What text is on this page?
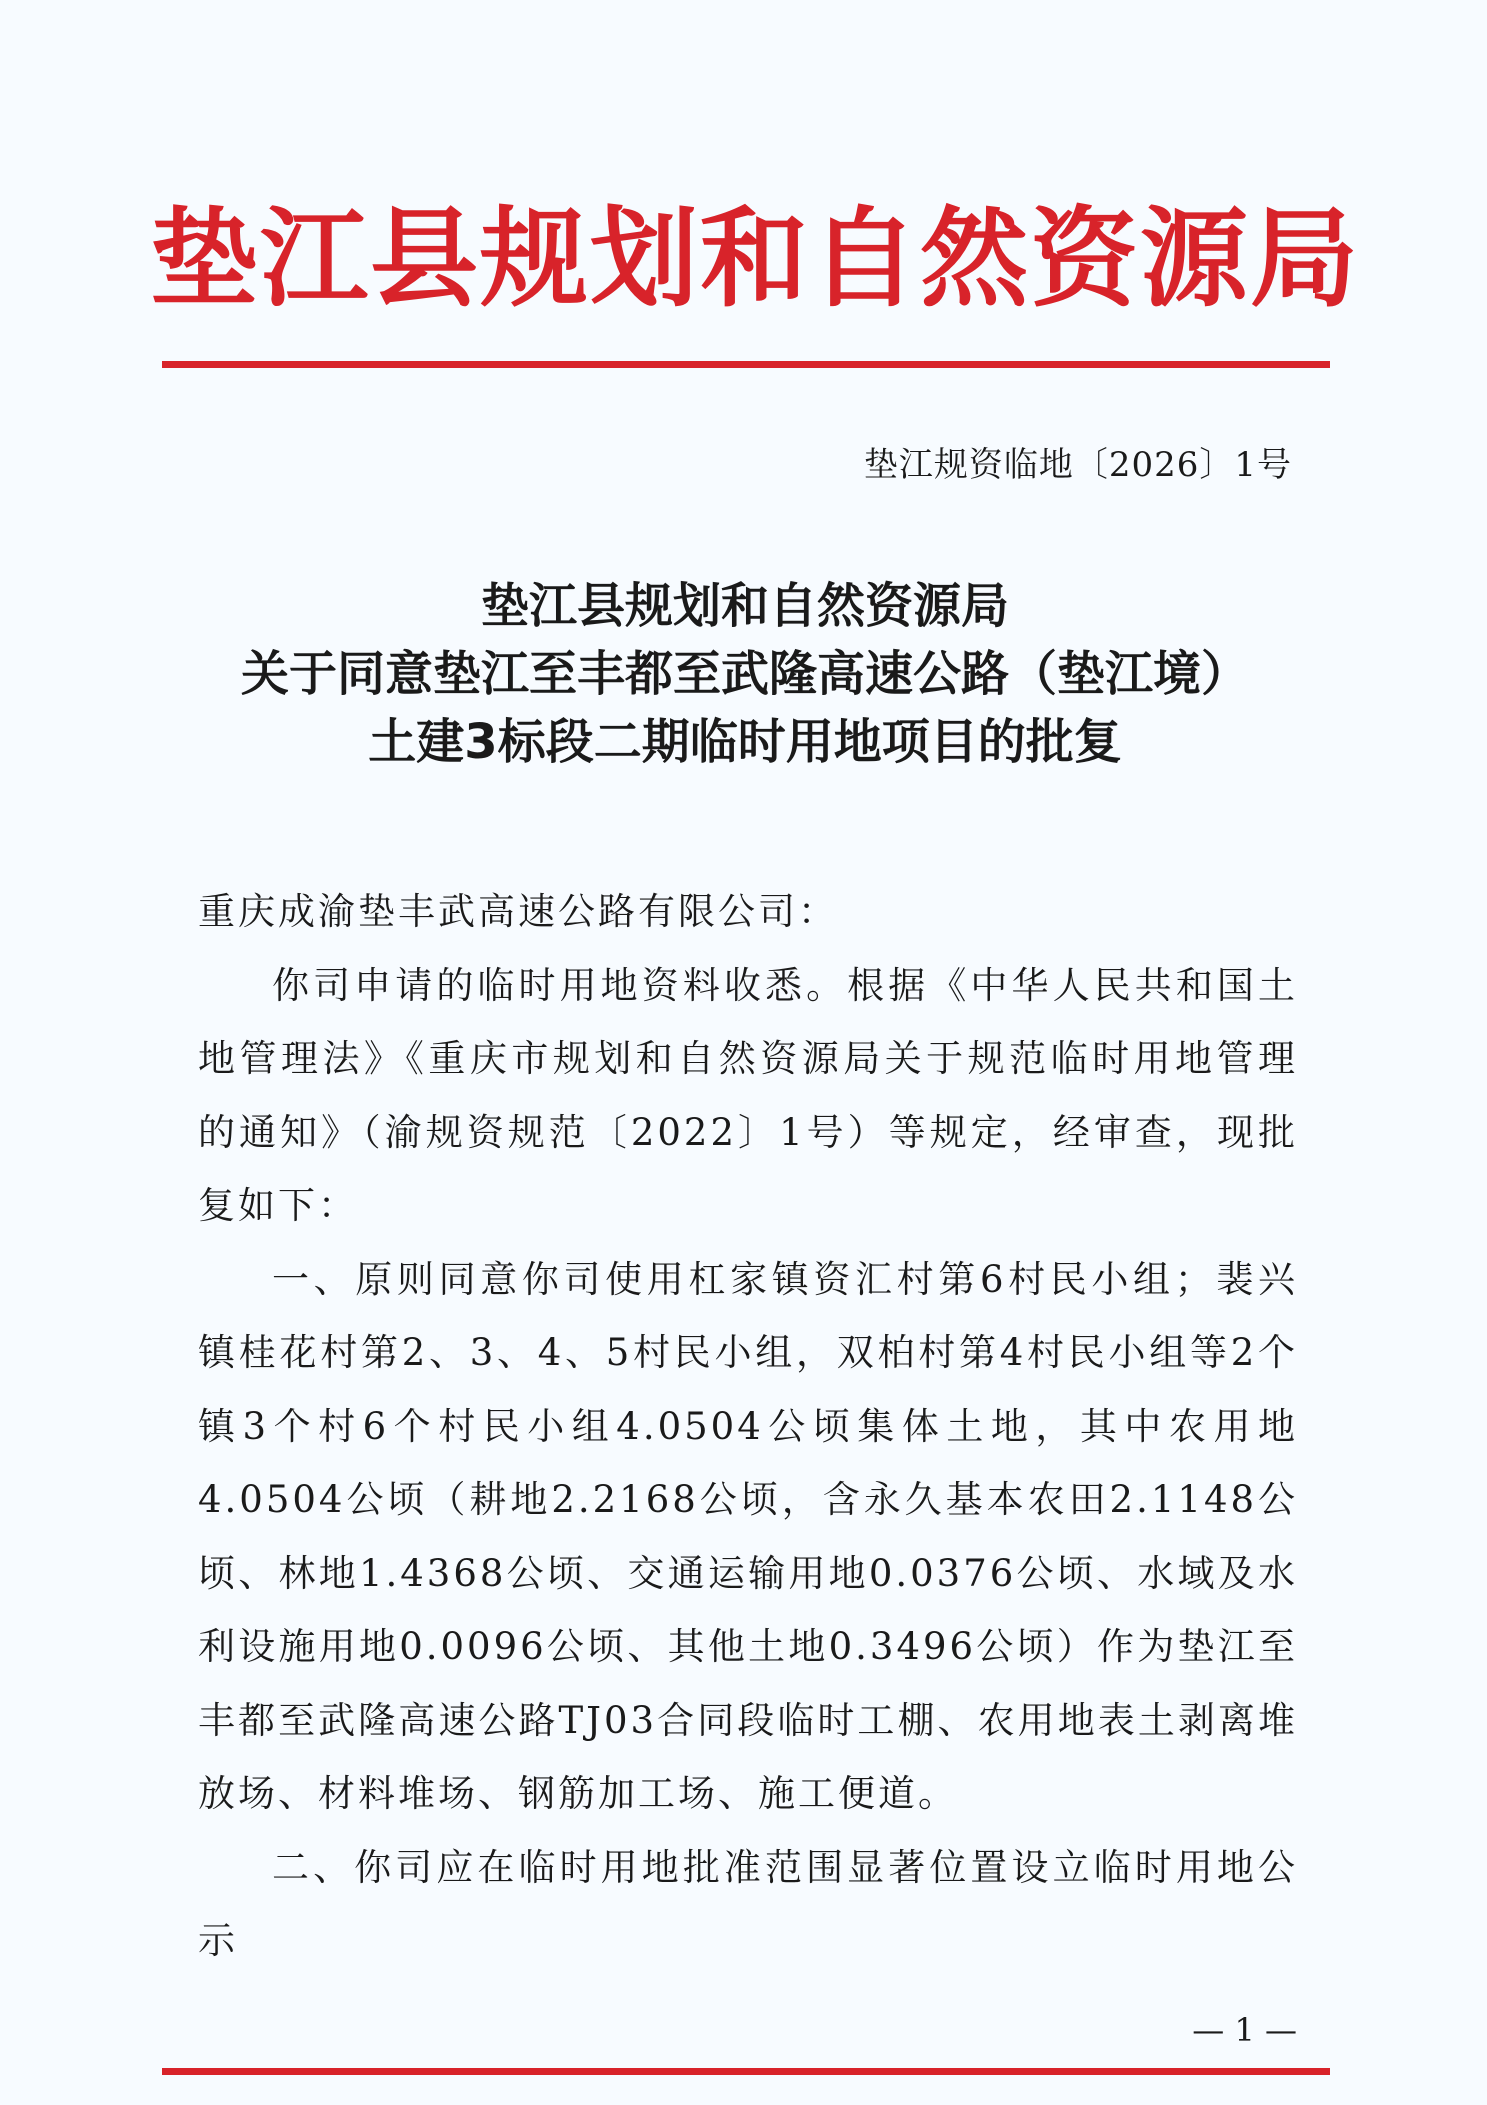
垫江县规划和自然资源局
垫江规资临地〔2026〕1号
垫江县规划和自然资源局
关于同意垫江至丰都至武隆高速公路（垫江境）
土建3标段二期临时用地项目的批复

重庆成渝垫丰武高速公路有限公司：

你司申请的临时用地资料收悉。根据《中华人民共和国土地管理法》《重庆市规划和自然资源局关于规范临时用地管理的通知》（渝规资规范〔2022〕1号）等规定，经审查，现批复如下：

一、原则同意你司使用杠家镇资汇村第6村民小组；裴兴镇桂花村第2、3、4、5村民小组，双柏村第4村民小组等2个镇3个村6个村民小组4.0504公顷集体土地，其中农用地4.0504公顷（耕地2.2168公顷，含永久基本农田2.1148公顷、林地1.4368公顷、交通运输用地0.0376公顷、水域及水利设施用地0.0096公顷、其他土地0.3496公顷）作为垫江至丰都至武隆高速公路TJ03合同段临时工棚、农用地表土剥离堆放场、材料堆场、钢筋加工场、施工便道。

二、你司应在临时用地批准范围显著位置设立临时用地公示

— 1 —
